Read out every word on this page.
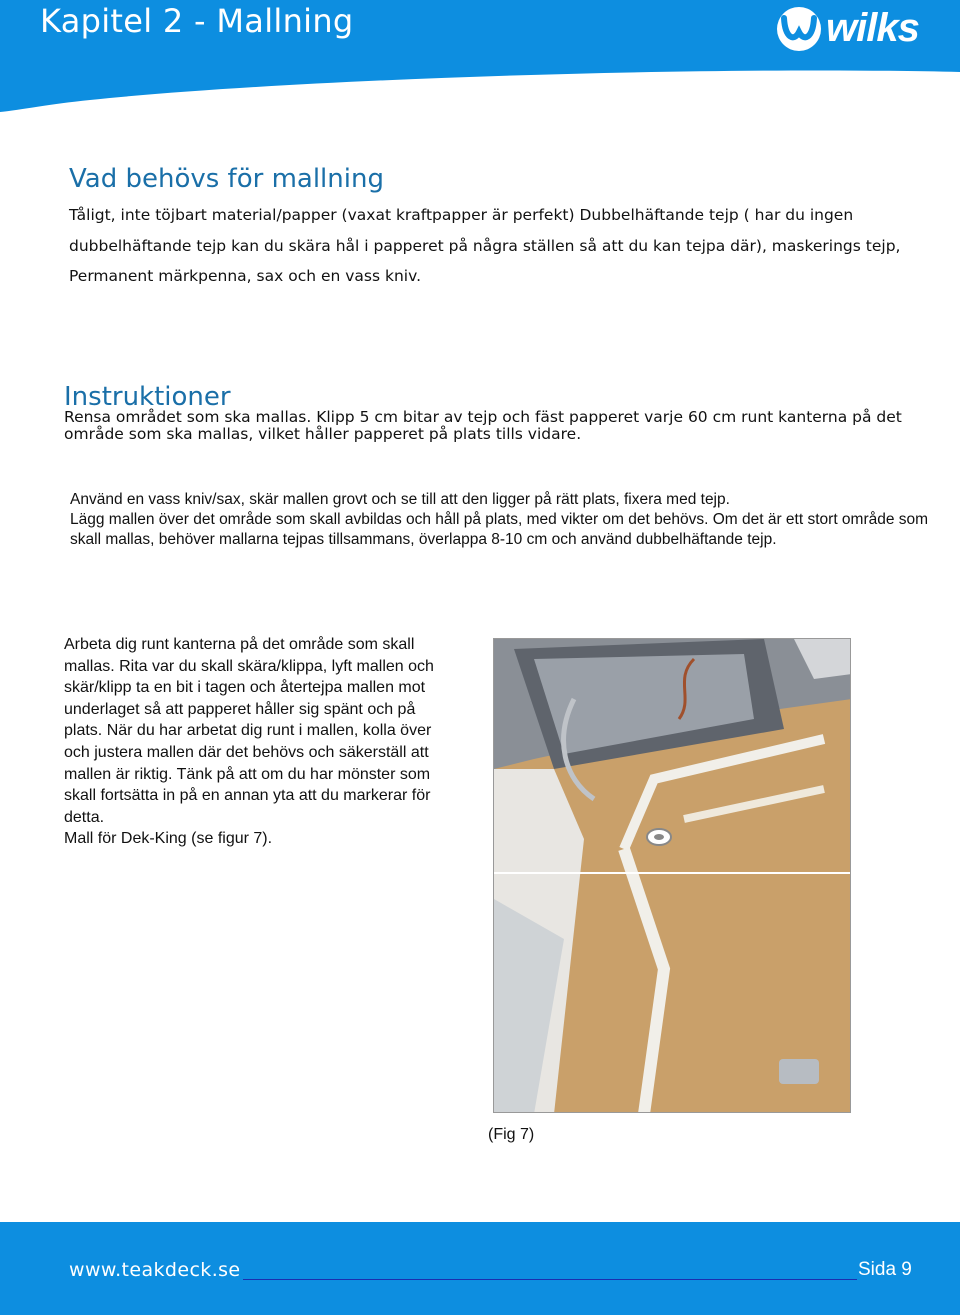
Kapitel 2 - Mallning	wilks
Vad behövs för mallning

Tåligt, inte töjbart material/papper (vaxat kraftpapper är perfekt) Dubbelhäftande tejp ( har du ingen dubbelhäftande tejp kan du skära hål i papperet på några ställen så att du kan tejpa där), maskerings tejp, Permanent märkpenna, sax och en vass kniv.

Instruktioner

Rensa området som ska mallas. Klipp 5 cm bitar av tejp och fäst papperet varje 60 cm runt kanterna på det område som ska mallas, vilket håller papperet på plats tills vidare.

Använd en vass kniv/sax, skär mallen grovt och se till att den ligger på rätt plats, fixera med tejp.
Lägg mallen över det område som skall avbildas och håll på plats, med vikter om det behövs. Om det är ett stort område som skall mallas, behöver mallarna tejpas tillsammans, överlappa 8-10 cm och använd dubbelhäftande tejp.
Arbeta dig runt kanterna på det område som skall mallas. Rita var du skall skära/klippa, lyft mallen och skär/klipp ta en bit i tagen och återtejpa mallen mot underlaget så att papperet håller sig spänt och på plats. När du har arbetat dig runt i mallen, kolla över och justera mallen där det behövs och säkerställ att mallen är riktig. Tänk på att om du har mönster som skall fortsätta in på en annan yta att du markerar för detta.
Mall för Dek-King (se figur 7).
(Fig 7)
www.teakdeck.se	Sida 9
